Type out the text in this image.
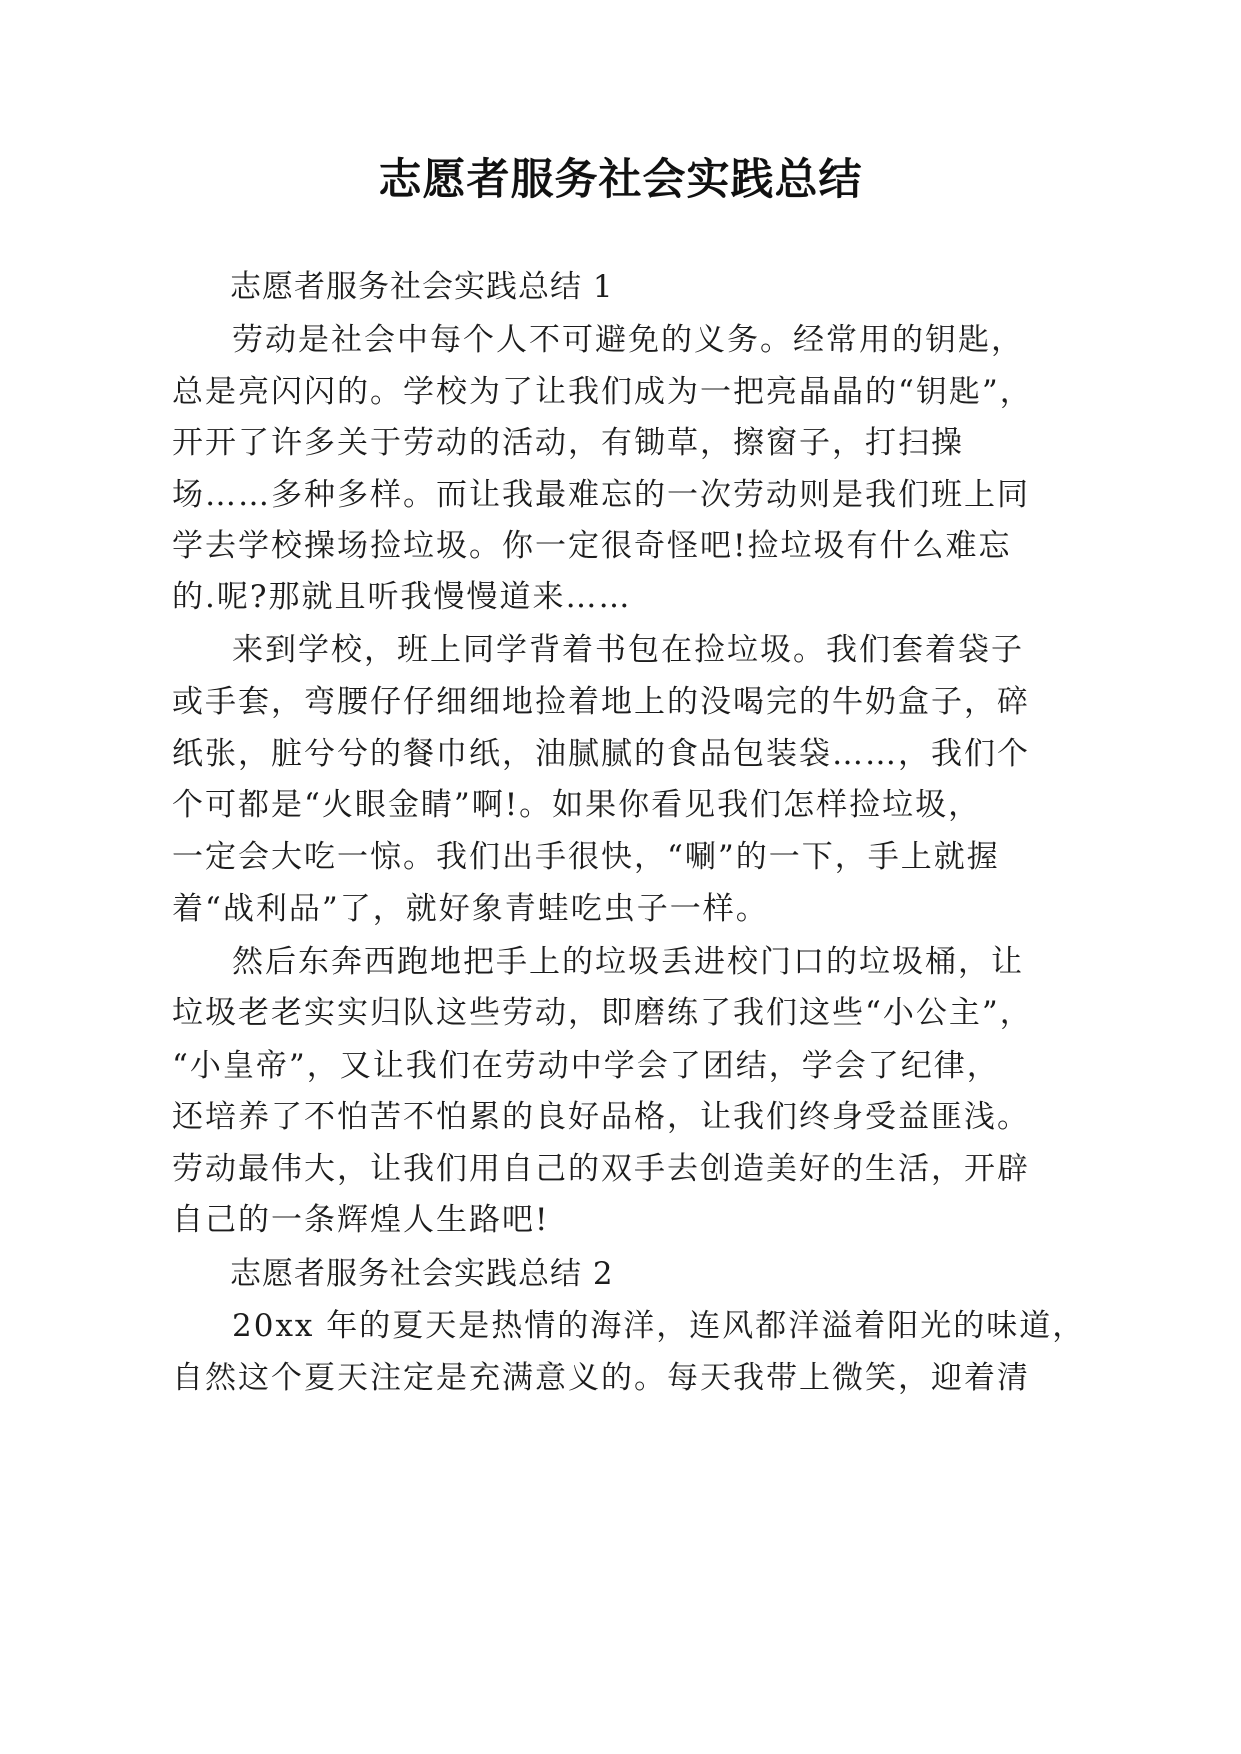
志愿者服务社会实践总结
志愿者服务社会实践总结 1
劳动是社会中每个人不可避免的义务。经常用的钥匙，
总是亮闪闪的。学校为了让我们成为一把亮晶晶的“钥匙”，
开开了许多关于劳动的活动，有锄草，擦窗子，打扫操
场……多种多样。而让我最难忘的一次劳动则是我们班上同
学去学校操场捡垃圾。你一定很奇怪吧!捡垃圾有什么难忘
的.呢?那就且听我慢慢道来……
来到学校，班上同学背着书包在捡垃圾。我们套着袋子
或手套，弯腰仔仔细细地捡着地上的没喝完的牛奶盒子，碎
纸张，脏兮兮的餐巾纸，油腻腻的食品包装袋……，我们个
个可都是“火眼金睛”啊!。如果你看见我们怎样捡垃圾，
一定会大吃一惊。我们出手很快，“唰”的一下，手上就握
着“战利品”了，就好象青蛙吃虫子一样。
然后东奔西跑地把手上的垃圾丢进校门口的垃圾桶，让
垃圾老老实实归队这些劳动，即磨练了我们这些“小公主”，
“小皇帝”，又让我们在劳动中学会了团结，学会了纪律，
还培养了不怕苦不怕累的良好品格，让我们终身受益匪浅。
劳动最伟大，让我们用自己的双手去创造美好的生活，开辟
自己的一条辉煌人生路吧!
志愿者服务社会实践总结 2
20xx 年的夏天是热情的海洋，连风都洋溢着阳光的味道，
自然这个夏天注定是充满意义的。每天我带上微笑，迎着清
